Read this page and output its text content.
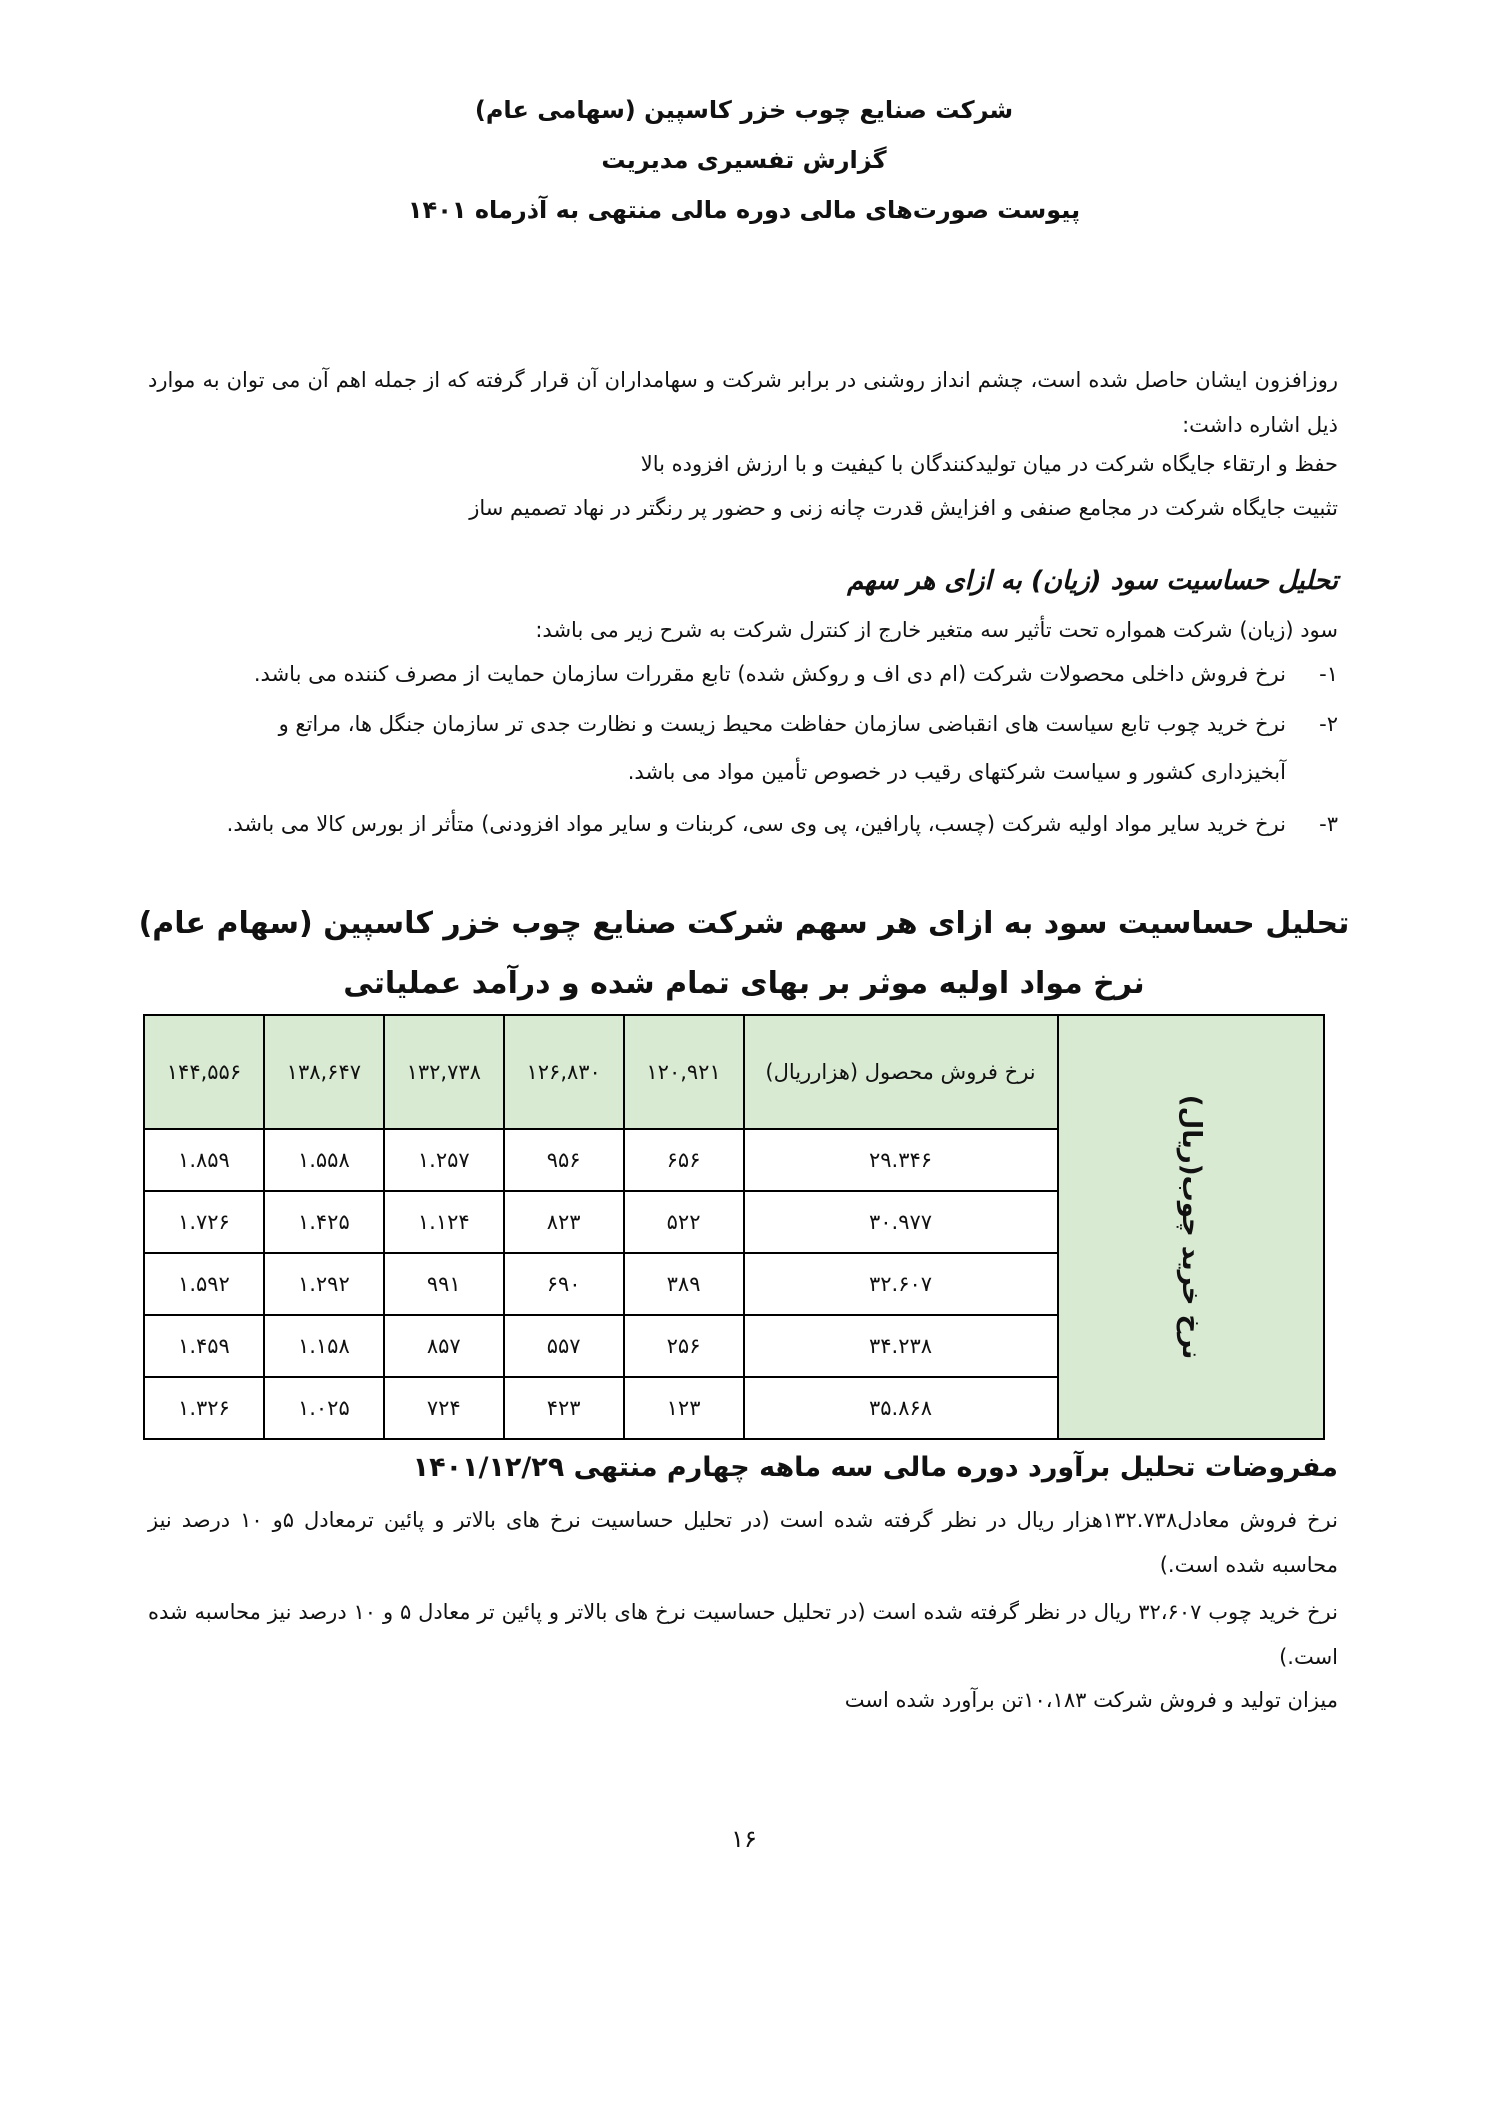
شرکت صنایع چوب خزر کاسپین (سهامی عام)
گزارش تفسیری مدیریت
پیوست صورت‌های مالی دوره مالی منتهی به آذرماه ۱۴۰۱
روزافزون ایشان حاصل شده است، چشم انداز روشنی در برابر شرکت و سهامداران آن قرار گرفته که از جمله اهم آن می توان به موارد ذیل اشاره داشت:
حفظ و ارتقاء جایگاه شرکت در میان تولیدکنندگان با کیفیت و با ارزش افزوده بالا
تثبیت جایگاه شرکت در مجامع صنفی و افزایش قدرت چانه زنی و حضور پر رنگتر در نهاد تصمیم ساز
تحلیل حساسیت سود (زیان) به ازای هر سهم
سود (زیان) شرکت همواره تحت تأثیر سه متغیر خارج از کنترل شرکت به شرح زیر می باشد:
۱-
نرخ فروش داخلی محصولات شرکت (ام دی اف و روکش شده) تابع مقررات سازمان حمایت از مصرف کننده می باشد.
۲-
نرخ خرید چوب تابع سیاست های انقباضی سازمان حفاظت محیط زیست و نظارت جدی تر سازمان جنگل ها، مراتع و
آبخیزداری کشور و سیاست شرکتهای رقیب در خصوص تأمین مواد می باشد.
۳-
نرخ خرید سایر مواد اولیه شرکت (چسب، پارافین، پی وی سی، کربنات و سایر مواد افزودنی) متأثر از بورس کالا می باشد.
تحلیل حساسیت سود به ازای هر سهم شرکت صنایع چوب خزر کاسپین (سهام عام)
نرخ مواد اولیه موثر بر بهای تمام شده و درآمد عملیاتی
نرخ خرید چوب(ریال)	نرخ فروش محصول (هزارریال)	۱۲۰,۹۲۱	۱۲۶,۸۳۰	۱۳۲,۷۳۸	۱۳۸,۶۴۷	۱۴۴,۵۵۶
	۲۹.۳۴۶	۶۵۶	۹۵۶	۱.۲۵۷	۱.۵۵۸	۱.۸۵۹
	۳۰.۹۷۷	۵۲۲	۸۲۳	۱.۱۲۴	۱.۴۲۵	۱.۷۲۶
	۳۲.۶۰۷	۳۸۹	۶۹۰	۹۹۱	۱.۲۹۲	۱.۵۹۲
	۳۴.۲۳۸	۲۵۶	۵۵۷	۸۵۷	۱.۱۵۸	۱.۴۵۹
	۳۵.۸۶۸	۱۲۳	۴۲۳	۷۲۴	۱.۰۲۵	۱.۳۲۶
مفروضات تحلیل برآورد دوره مالی سه ماهه چهارم منتهی ۱۴۰۱/۱۲/۲۹
نرخ فروش معادل۱۳۲.۷۳۸هزار ریال در نظر گرفته شده است (در تحلیل حساسیت نرخ های بالاتر و پائین ترمعادل ۵و ۱۰ درصد نیز محاسبه شده است.)
نرخ خرید چوب ۳۲،۶۰۷ ریال در نظر گرفته شده است (در تحلیل حساسیت نرخ های بالاتر و پائین تر معادل ۵ و ۱۰ درصد نیز محاسبه شده است.)
میزان تولید و فروش شرکت ۱۰،۱۸۳تن برآورد شده است
۱۶
